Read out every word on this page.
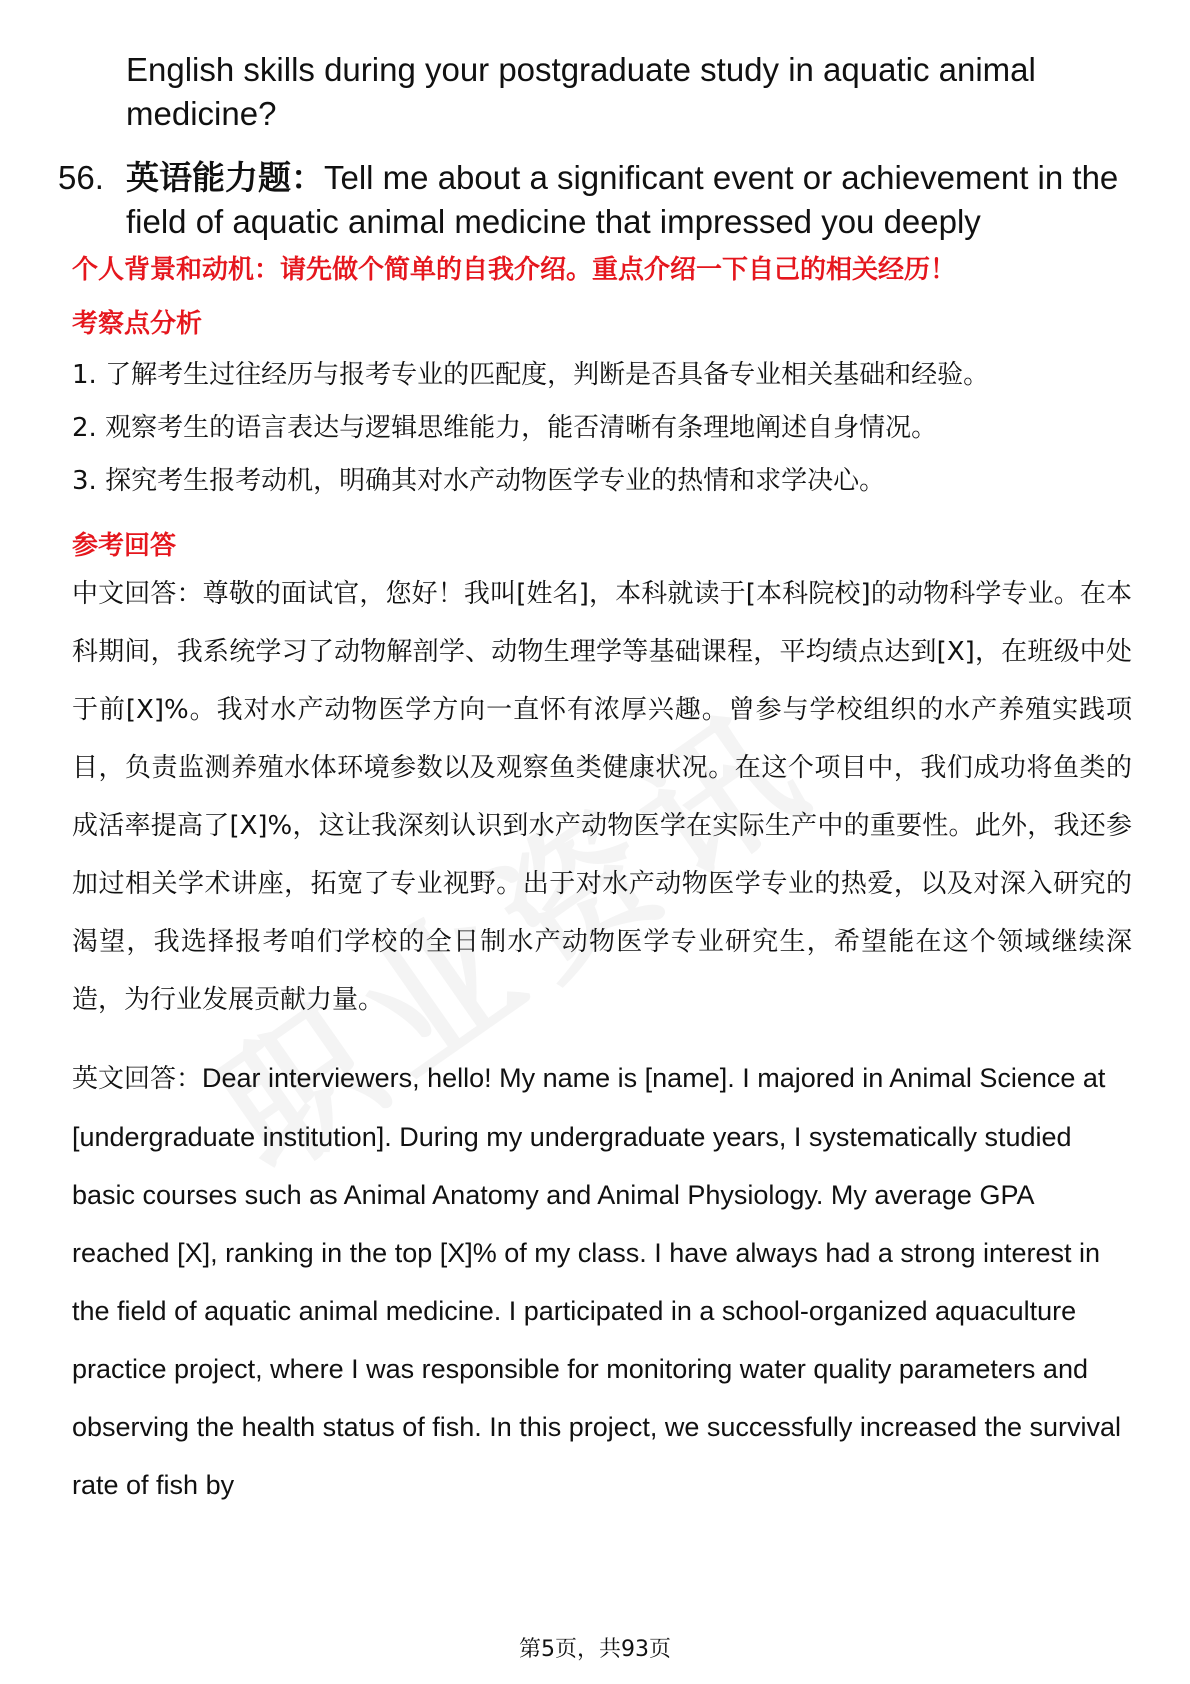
English skills during your postgraduate study in aquatic animal medicine?
56. 英语能力题：Tell me about a significant event or achievement in the field of aquatic animal medicine that impressed you deeply
个人背景和动机：请先做个简单的自我介绍。重点介绍一下自己的相关经历！
考察点分析
1. 了解考生过往经历与报考专业的匹配度，判断是否具备专业相关基础和经验。
2. 观察考生的语言表达与逻辑思维能力，能否清晰有条理地阐述自身情况。
3. 探究考生报考动机，明确其对水产动物医学专业的热情和求学决心。
参考回答
中文回答：尊敬的面试官，您好！我叫[姓名]，本科就读于[本科院校]的动物科学专业。在本科期间，我系统学习了动物解剖学、动物生理学等基础课程，平均绩点达到[X]，在班级中处于前[X]%。我对水产动物医学方向一直怀有浓厚兴趣。曾参与学校组织的水产养殖实践项目，负责监测养殖水体环境参数以及观察鱼类健康状况。在这个项目中，我们成功将鱼类的成活率提高了[X]%，这让我深刻认识到水产动物医学在实际生产中的重要性。此外，我还参加过相关学术讲座，拓宽了专业视野。出于对水产动物医学专业的热爱，以及对深入研究的渴望，我选择报考咱们学校的全日制水产动物医学专业研究生，希望能在这个领域继续深造，为行业发展贡献力量。
英文回答：Dear interviewers, hello! My name is [name]. I majored in Animal Science at [undergraduate institution]. During my undergraduate years, I systematically studied basic courses such as Animal Anatomy and Animal Physiology. My average GPA reached [X], ranking in the top [X]% of my class. I have always had a strong interest in the field of aquatic animal medicine. I participated in a school-organized aquaculture practice project, where I was responsible for monitoring water quality parameters and observing the health status of fish. In this project, we successfully increased the survival rate of fish by
第5页，共93页
